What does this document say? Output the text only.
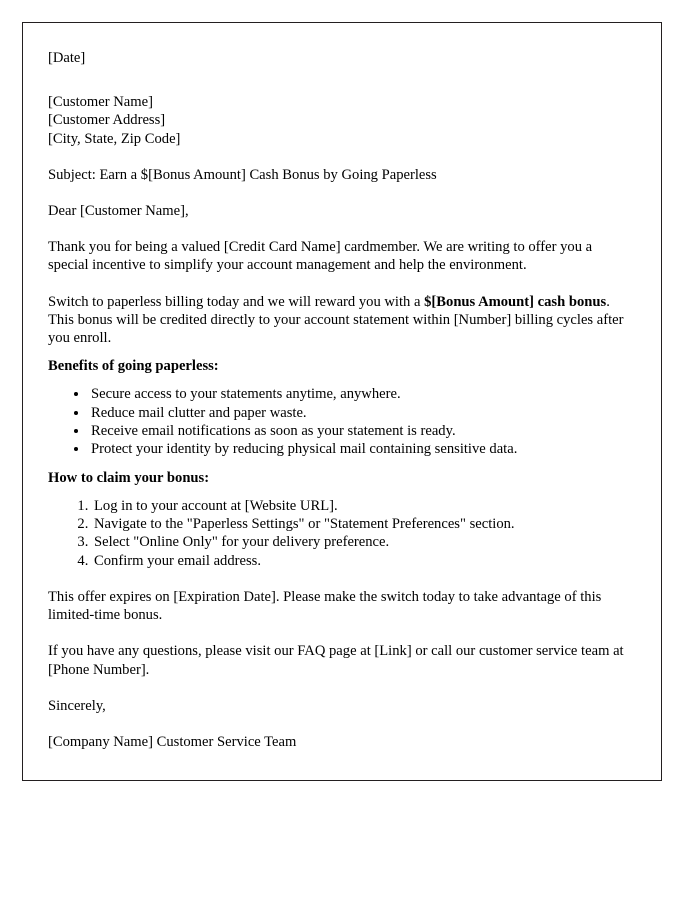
[Date]
[Customer Name]
[Customer Address]
[City, State, Zip Code]

Subject: Earn a $[Bonus Amount] Cash Bonus by Going Paperless

Dear [Customer Name],

Thank you for being a valued [Credit Card Name] cardmember. We are writing to offer you a special incentive to simplify your account management and help the environment.

Switch to paperless billing today and we will reward you with a $[Bonus Amount] cash bonus. This bonus will be credited directly to your account statement within [Number] billing cycles after you enroll.

Benefits of going paperless:
• Secure access to your statements anytime, anywhere.
• Reduce mail clutter and paper waste.
• Receive email notifications as soon as your statement is ready.
• Protect your identity by reducing physical mail containing sensitive data.
How to claim your bonus:
1. Log in to your account at [Website URL].
2. Navigate to the "Paperless Settings" or "Statement Preferences" section.
3. Select "Online Only" for your delivery preference.
4. Confirm your email address.

This offer expires on [Expiration Date]. Please make the switch today to take advantage of this limited-time bonus.

If you have any questions, please visit our FAQ page at [Link] or call our customer service team at [Phone Number].

Sincerely,

[Company Name] Customer Service Team
